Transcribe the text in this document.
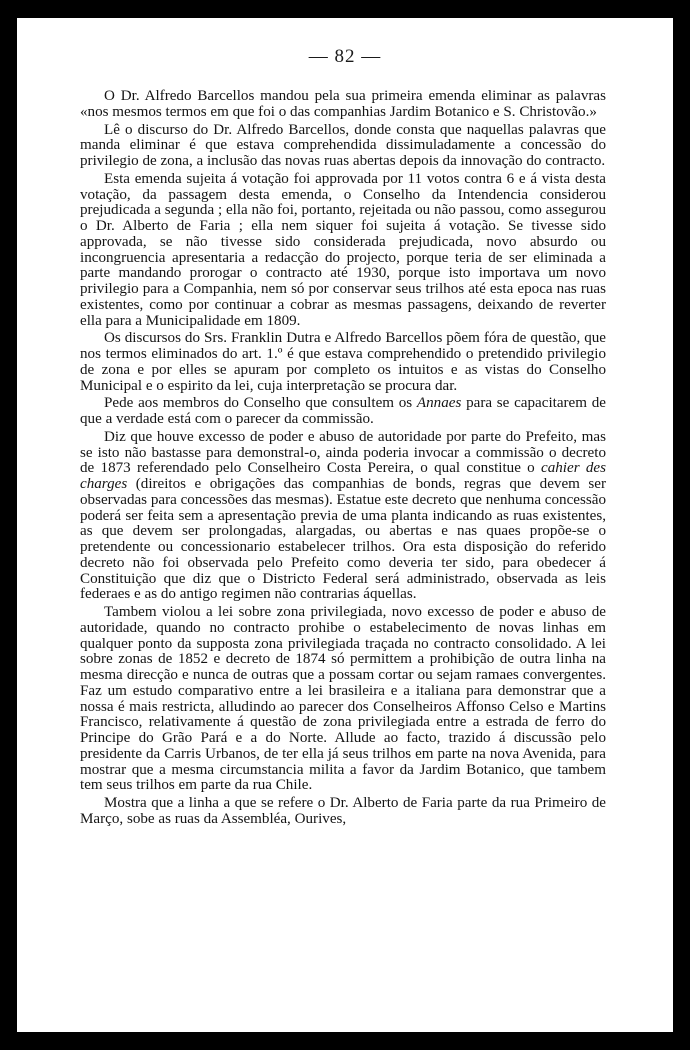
— 82 —

O Dr. Alfredo Barcellos mandou pela sua primeira emenda eliminar as palavras «nos mesmos termos em que foi o das companhias Jardim Botanico e S. Christovão.»

Lê o discurso do Dr. Alfredo Barcellos, donde consta que naquellas palavras que manda eliminar é que estava comprehendida dissimuladamente a concessão do privilegio de zona, a inclusão das novas ruas abertas depois da innovação do contracto.

Esta emenda sujeita á votação foi approvada por 11 votos contra 6 e á vista desta votação, da passagem desta emenda, o Conselho da Intendencia considerou prejudicada a segunda ; ella não foi, portanto, rejeitada ou não passou, como assegurou o Dr. Alberto de Faria ; ella nem siquer foi sujeita á votação. Se tivesse sido approvada, se não tivesse sido considerada prejudicada, novo absurdo ou incongruencia apresentaria a redacção do projecto, porque teria de ser eliminada a parte mandando prorogar o contracto até 1930, porque isto importava um novo privilegio para a Companhia, nem só por conservar seus trilhos até esta epoca nas ruas existentes, como por continuar a cobrar as mesmas passagens, deixando de reverter ella para a Municipalidade em 1809.

Os discursos do Srs. Franklin Dutra e Alfredo Barcellos põem fóra de questão, que nos termos eliminados do art. 1.º é que estava comprehendido o pretendido privilegio de zona e por elles se apuram por completo os intuitos e as vistas do Conselho Municipal e o espirito da lei, cuja interpretação se procura dar.

Pede aos membros do Conselho que consultem os Annaes para se capacitarem de que a verdade está com o parecer da commissão.

Diz que houve excesso de poder e abuso de autoridade por parte do Prefeito, mas se isto não bastasse para demonstral-o, ainda poderia invocar a commissão o decreto de 1873 referendado pelo Conselheiro Costa Pereira, o qual constitue o cahier des charges (direitos e obrigações das companhias de bonds, regras que devem ser observadas para concessões das mesmas). Estatue este decreto que nenhuma concessão poderá ser feita sem a apresentação previa de uma planta indicando as ruas existentes, as que devem ser prolongadas, alargadas, ou abertas e nas quaes propõe-se o pretendente ou concessionario estabelecer trilhos. Ora esta disposição do referido decreto não foi observada pelo Prefeito como deveria ter sido, para obedecer á Constituição que diz que o Districto Federal será administrado, observada as leis federaes e as do antigo regimen não contrarias áquellas.

Tambem violou a lei sobre zona privilegiada, novo excesso de poder e abuso de autoridade, quando no contracto prohibe o estabelecimento de novas linhas em qualquer ponto da supposta zona privilegiada traçada no contracto consolidado. A lei sobre zonas de 1852 e decreto de 1874 só permittem a prohibição de outra linha na mesma direcção e nunca de outras que a possam cortar ou sejam ramaes convergentes. Faz um estudo comparativo entre a lei brasileira e a italiana para demonstrar que a nossa é mais restricta, alludindo ao parecer dos Conselheiros Affonso Celso e Martins Francisco, relativamente á questão de zona privilegiada entre a estrada de ferro do Principe do Grão Pará e a do Norte. Allude ao facto, trazido á discussão pelo presidente da Carris Urbanos, de ter ella já seus trilhos em parte na nova Avenida, para mostrar que a mesma circumstancia milita a favor da Jardim Botanico, que tambem tem seus trilhos em parte da rua Chile.

Mostra que a linha a que se refere o Dr. Alberto de Faria parte da rua Primeiro de Março, sobe as ruas da Assembléa, Ourives,
